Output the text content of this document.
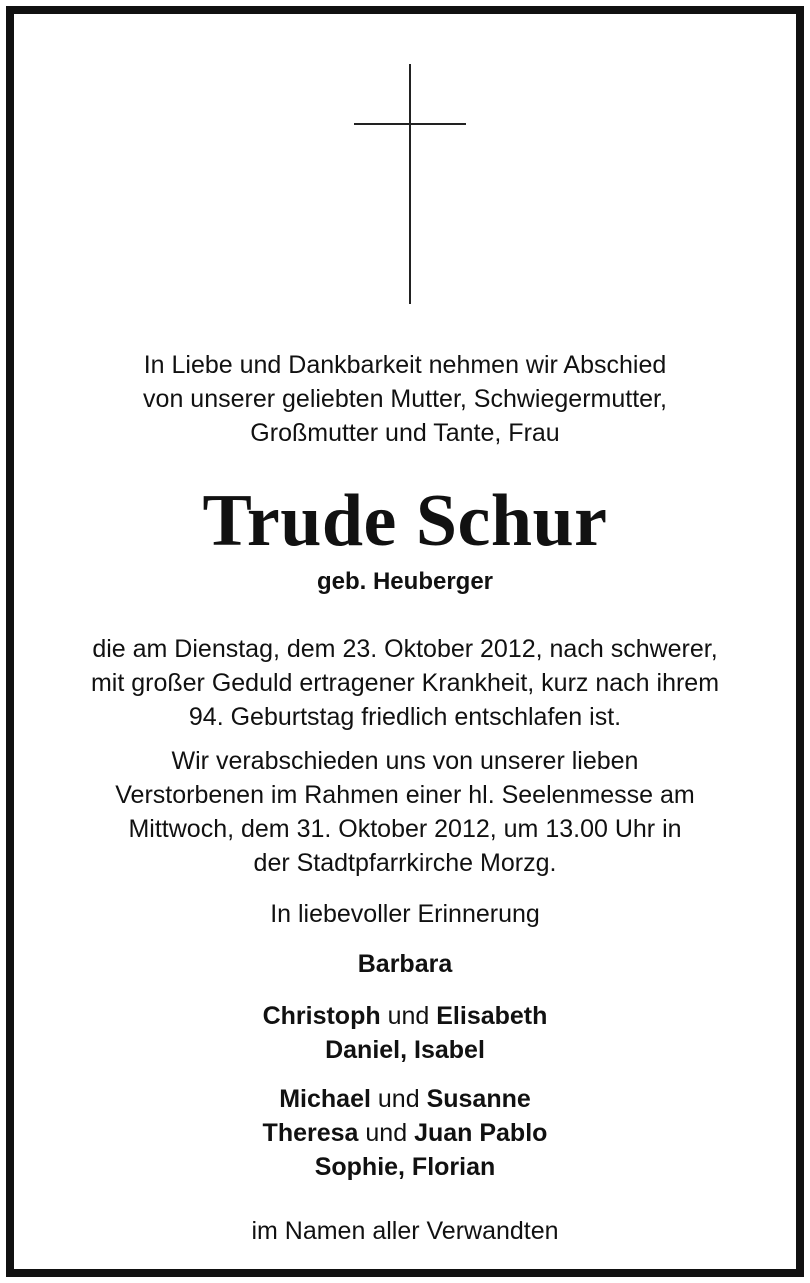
In Liebe und Dankbarkeit nehmen wir Abschied
von unserer geliebten Mutter, Schwiegermutter,
Großmutter und Tante, Frau
Trude Schur
geb. Heuberger
die am Dienstag, dem 23. Oktober 2012, nach schwerer,
mit großer Geduld ertragener Krankheit, kurz nach ihrem
94. Geburtstag friedlich entschlafen ist.
Wir verabschieden uns von unserer lieben
Verstorbenen im Rahmen einer hl. Seelenmesse am
Mittwoch, dem 31. Oktober 2012, um 13.00 Uhr in
der Stadtpfarrkirche Morzg.
In liebevoller Erinnerung
Barbara
Christoph und Elisabeth
Daniel, Isabel
Michael und Susanne
Theresa und Juan Pablo
Sophie, Florian
im Namen aller Verwandten
